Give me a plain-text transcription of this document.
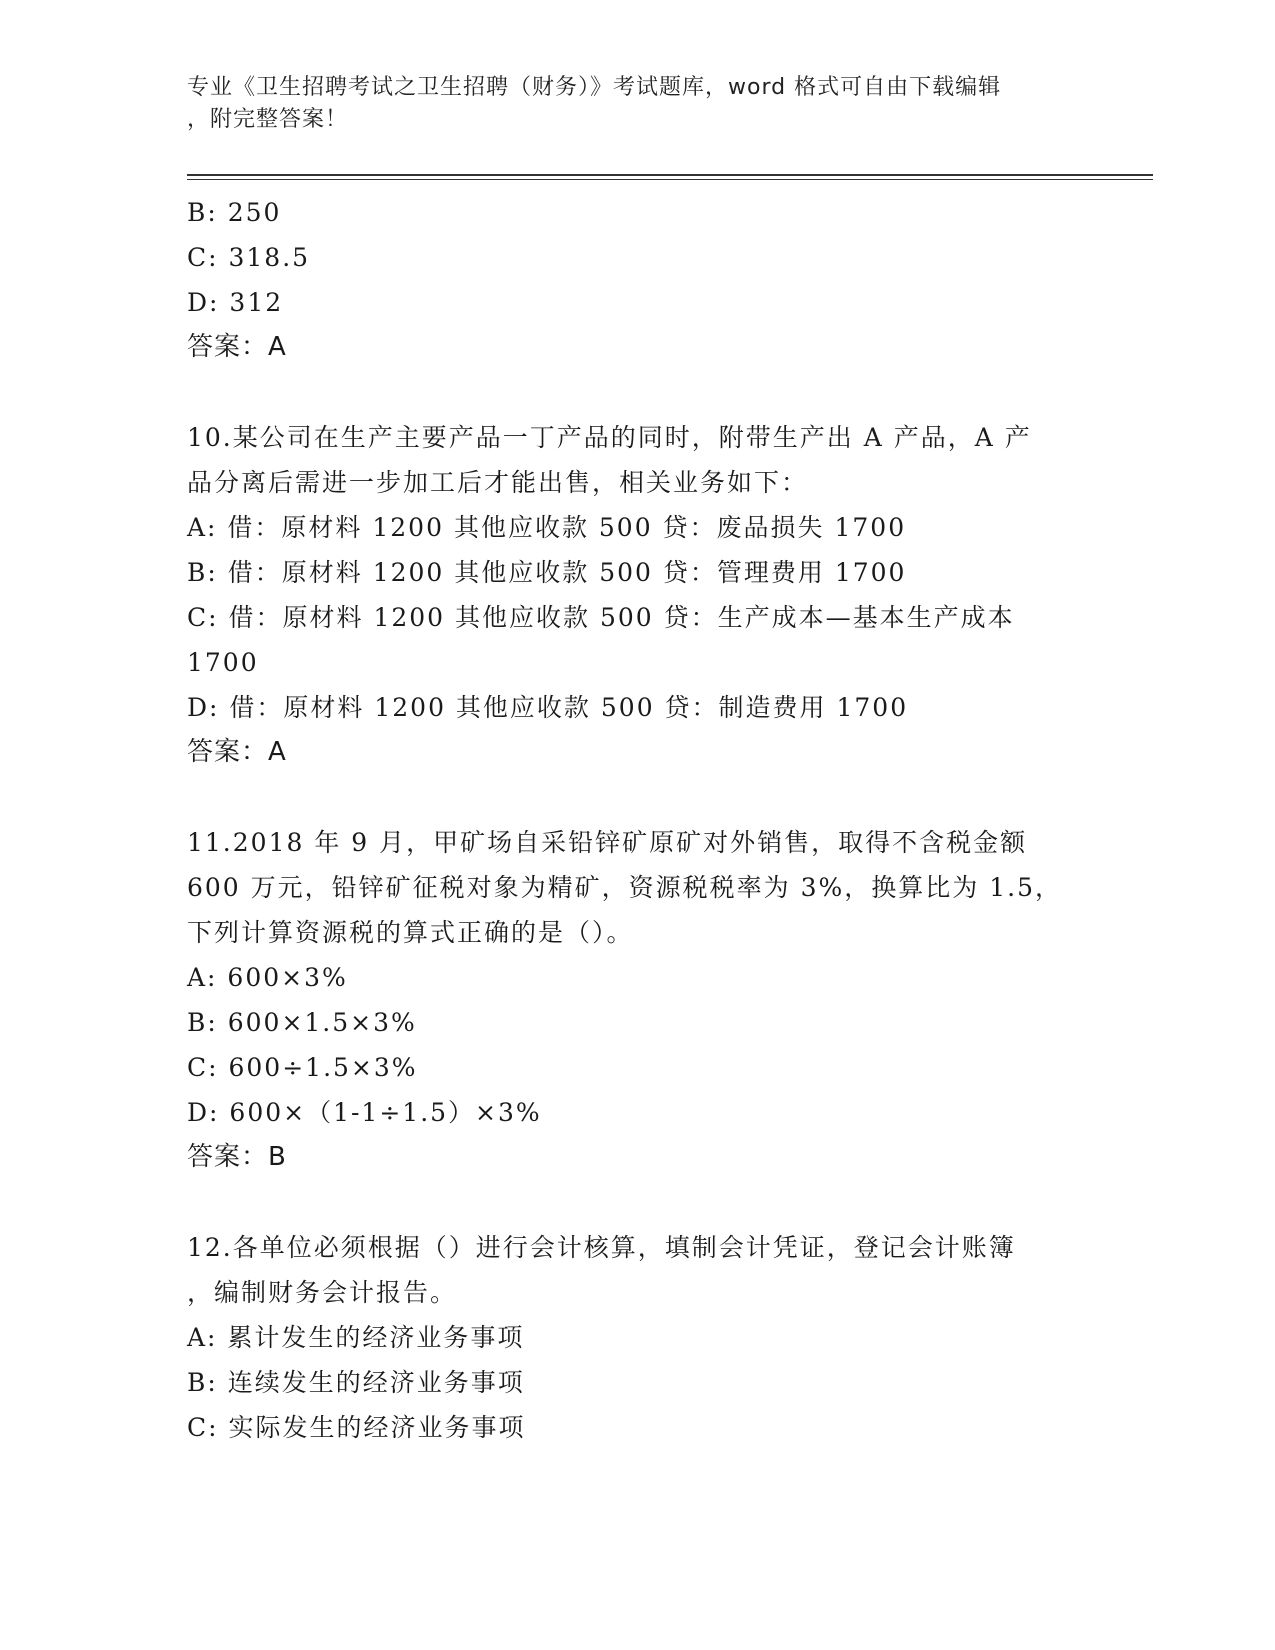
专业《卫生招聘考试之卫生招聘（财务）》考试题库，word 格式可自由下载编辑
，附完整答案！
B: 250
C: 318.5
D: 312
答案：A
10.某公司在生产主要产品一丁产品的同时，附带生产出 A 产品，A 产
品分离后需进一步加工后才能出售，相关业务如下：
A: 借：原材料 1200 其他应收款 500 贷：废品损失 1700
B: 借：原材料 1200 其他应收款 500 贷：管理费用 1700
C: 借：原材料 1200 其他应收款 500 贷：生产成本—基本生产成本
1700
D: 借：原材料 1200 其他应收款 500 贷：制造费用 1700
答案：A
11.2018 年 9 月，甲矿场自采铅锌矿原矿对外销售，取得不含税金额
600 万元，铅锌矿征税对象为精矿，资源税税率为 3%，换算比为 1.5，
下列计算资源税的算式正确的是（）。
A: 600×3%
B: 600×1.5×3%
C: 600÷1.5×3%
D: 600×（1-1÷1.5）×3%
答案：B
12.各单位必须根据（）进行会计核算，填制会计凭证，登记会计账簿
，编制财务会计报告。
A: 累计发生的经济业务事项
B: 连续发生的经济业务事项
C: 实际发生的经济业务事项
